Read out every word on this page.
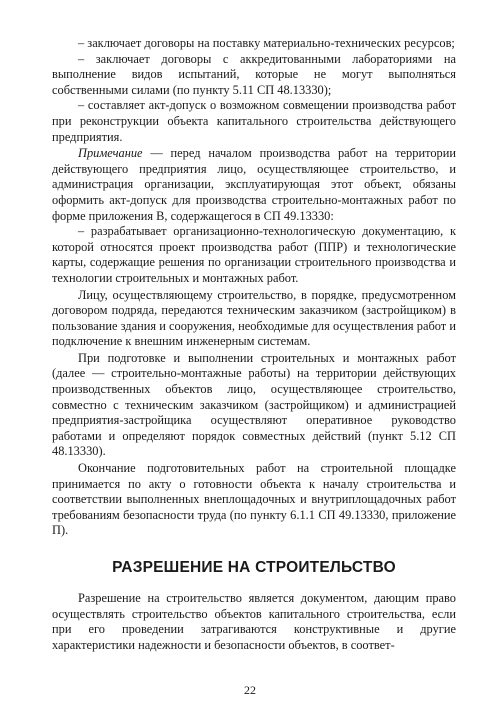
– заключает договоры на поставку материально-технических ресурсов;

– заключает договоры с аккредитованными лабораториями на выполнение видов испытаний, которые не могут выполняться собственными силами (по пункту 5.11 СП 48.13330);

– составляет акт-допуск о возможном совмещении производства работ при реконструкции объекта капитального строительства действующего предприятия.

Примечание — перед началом производства работ на территории действующего предприятия лицо, осуществляющее строительство, и администрация организации, эксплуатирующая этот объект, обязаны оформить акт-допуск для производства строительно-монтажных работ по форме приложения В, содержащегося в СП 49.13330:

– разрабатывает организационно-технологическую документацию, к которой относятся проект производства работ (ППР) и технологические карты, содержащие решения по организации строительного производства и технологии строительных и монтажных работ.

Лицу, осуществляющему строительство, в порядке, предусмотренном договором подряда, передаются техническим заказчиком (застройщиком) в пользование здания и сооружения, необходимые для осуществления работ и подключение к внешним инженерным системам.

При подготовке и выполнении строительных и монтажных работ (далее — строительно-монтажные работы) на территории действующих производственных объектов лицо, осуществляющее строительство, совместно с техническим заказчиком (застройщиком) и администрацией предприятия-застройщика осуществляют оперативное руководство работами и определяют порядок совместных действий (пункт 5.12 СП 48.13330).

Окончание подготовительных работ на строительной площадке принимается по акту о готовности объекта к началу строительства и соответствии выполненных внеплощадочных и внутриплощадочных работ требованиям безопасности труда (по пункту 6.1.1 СП 49.13330, приложение П).

РАЗРЕШЕНИЕ НА СТРОИТЕЛЬСТВО

Разрешение на строительство является документом, дающим право осуществлять строительство объектов капитального строительства, если при его проведении затрагиваются конструктивные и другие характеристики надежности и безопасности объектов, в соответ-

22
